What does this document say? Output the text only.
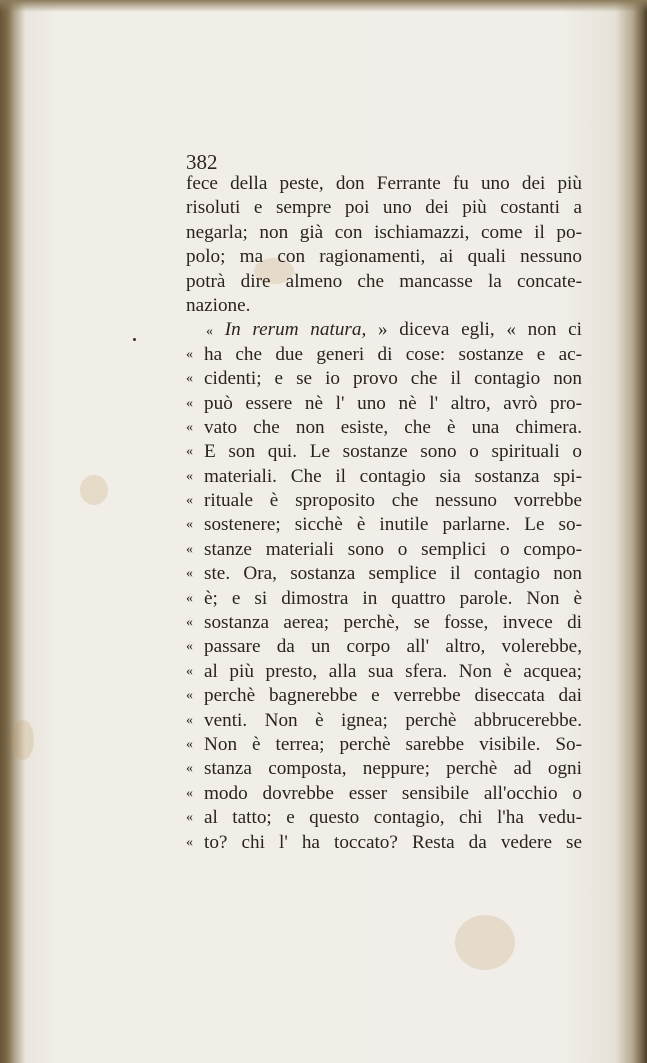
382
fece della peste, don Ferrante fu uno dei più
risoluti e sempre poi uno dei più costanti a
negarla; non già con ischiamazzi, come il po-
polo; ma con ragionamenti, ai quali nessuno
potrà dire almeno che mancasse la concate-
nazione.
« In rerum natura, » diceva egli, « non ci
« ha che due generi di cose: sostanze e ac-
« cidenti; e se io provo che il contagio non
« può essere nè l' uno nè l' altro, avrò pro-
« vato che non esiste, che è una chimera.
« E son qui. Le sostanze sono o spirituali o
« materiali. Che il contagio sia sostanza spi-
« rituale è sproposito che nessuno vorrebbe
« sostenere; sicchè è inutile parlarne. Le so-
« stanze materiali sono o semplici o compo-
« ste. Ora, sostanza semplice il contagio non
« è; e si dimostra in quattro parole. Non è
« sostanza aerea; perchè, se fosse, invece di
« passare da un corpo all' altro, volerebbe,
« al più presto, alla sua sfera. Non è acquea;
« perchè bagnerebbe e verrebbe diseccata dai
« venti. Non è ignea; perchè abbrucerebbe.
« Non è terrea; perchè sarebbe visibile. So-
« stanza composta, neppure; perchè ad ogni
« modo dovrebbe esser sensibile all'occhio o
« al tatto; e questo contagio, chi l'ha vedu-
« to? chi l' ha toccato? Resta da vedere se
